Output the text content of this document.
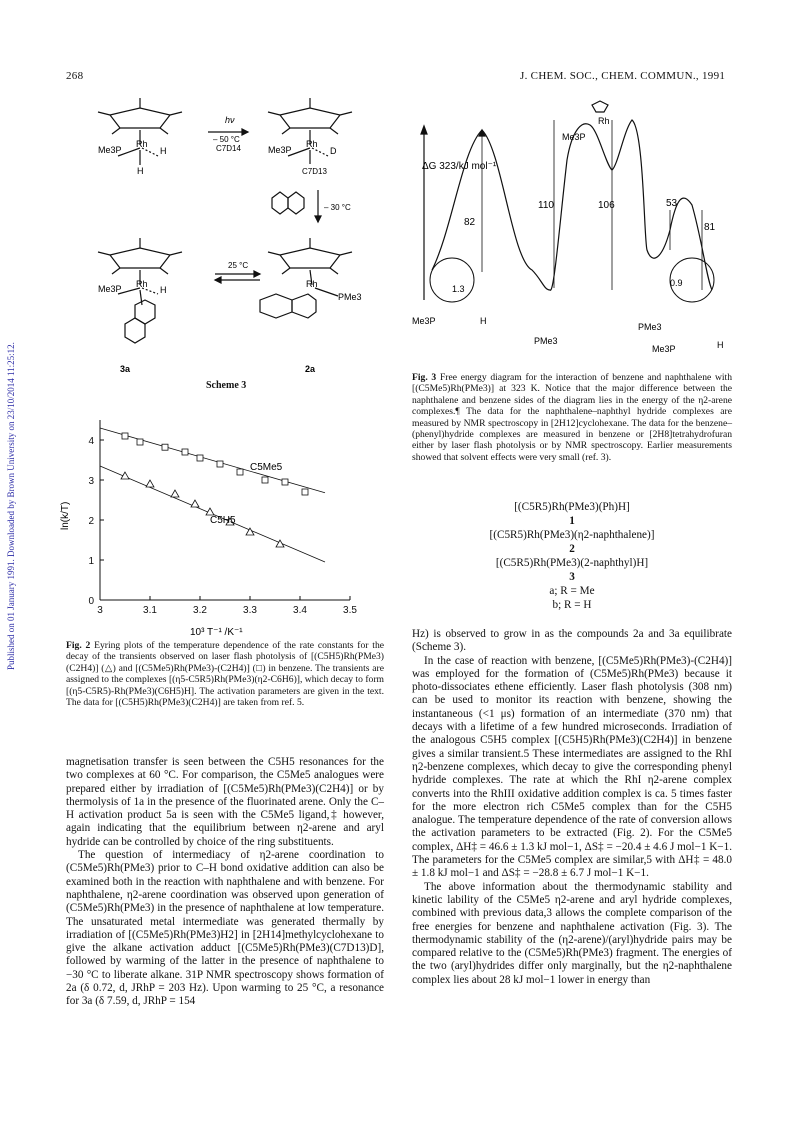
268	J. CHEM. SOC., CHEM. COMMUN., 1991
Published on 01 January 1991. Downloaded by Brown University on 23/10/2014 11:25:12.
Me3P
Rh
H
H
hν
– 50 °C
C7D14	Me3P
Rh
D
C7D13
– 30 °C
25 °C
Me3P Rh
H
Rh
PMe3
3a	2a
Scheme 3
3	3.1	3.2	3.3	3.4	3.5
0
1
2
3
4
ln(k/T)
10³ T⁻¹ /K⁻¹
C5Me5
C5H5
Fig. 2 Eyring plots of the temperature dependence of the rate constants for the decay of the transients observed on laser flash photolysis of [(C5H5)Rh(PMe3)(C2H4)] (△) and [(C5Me5)Rh(PMe3)-(C2H4)] (□) in benzene. The transients are assigned to the complexes [(η5-C5R5)Rh(PMe3)(η2-C6H6)], which decay to form [(η5-C5R5)-Rh(PMe3)(C6H5)H]. The activation parameters are given in the text. The data for [(C5H5)Rh(PMe3)(C2H4)] are taken from ref. 5.

magnetisation transfer is seen between the C5H5 resonances for the two complexes at 60 °C. For comparison, the C5Me5 analogues were prepared either by irradiation of [(C5Me5)Rh(PMe3)(C2H4)] or by thermolysis of 1a in the presence of the fluorinated arene. Only the C–H activation product 5a is seen with the C5Me5 ligand,‡ however, again indicating that the equilibrium between η2-arene and aryl hydride can be controlled by choice of the ring substituents.

The question of intermediacy of η2-arene coordination to (C5Me5)Rh(PMe3) prior to C–H bond oxidative addition can also be examined both in the reaction with naphthalene and with benzene. For naphthalene, η2-arene coordination was observed upon generation of (C5Me5)Rh(PMe3) in the presence of naphthalene at low temperature. The unsaturated metal intermediate was generated thermally by irradiation of [(C5Me5)Rh(PMe3)H2] in [2H14]methylcyclohexane to give the alkane activation adduct [(C5Me5)Rh(PMe3)(C7D13)D], followed by warming of the latter in the presence of naphthalene to −30 °C to liberate alkane. 31P NMR spectroscopy shows formation of 2a (δ 0.72, d, JRhP = 203 Hz). Upon warming to 25 °C, a resonance for 3a (δ 7.59, d, JRhP = 154

ΔG 323/kJ mol⁻¹
82
110	106	53
81
1.3
0.9
Me3P
Rh
Me3P	H
PMe3
PMe3
Me3P	H
Fig. 3 Free energy diagram for the interaction of benzene and naphthalene with [(C5Me5)Rh(PMe3)] at 323 K. Notice that the major difference between the naphthalene and benzene sides of the diagram lies in the energy of the η2-arene complexes.¶ The data for the naphthalene–naphthyl hydride complexes are measured by NMR spectroscopy in [2H12]cyclohexane. The data for the benzene–(phenyl)hydride complexes are measured in benzene or [2H8]tetrahydrofuran either by laser flash photolysis or by NMR spectroscopy. Earlier measurements showed that solvent effects were very small (ref. 3).
[(C5R5)Rh(PMe3)(Ph)H]
1
[(C5R5)Rh(PMe3)(η2-naphthalene)]
2
[(C5R5)Rh(PMe3)(2-naphthyl)H]
3
a; R = Me
b; R = H

Hz) is observed to grow in as the compounds 2a and 3a equilibrate (Scheme 3).

In the case of reaction with benzene, [(C5Me5)Rh(PMe3)-(C2H4)] was employed for the formation of (C5Me5)Rh(PMe3) because it photo-dissociates ethene efficiently. Laser flash photolysis (308 nm) can be used to monitor its reaction with benzene, showing the instantaneous (<1 μs) formation of an intermediate (370 nm) that decays with a lifetime of a few hundred microseconds. Irradiation of the analogous C5H5 complex [(C5H5)Rh(PMe3)(C2H4)] in benzene gives a similar transient.5 These intermediates are assigned to the RhI η2-benzene complexes, which decay to give the corresponding phenyl hydride complexes. The rate at which the RhI η2-arene complex converts into the RhIII oxidative addition complex is ca. 5 times faster for the more electron rich C5Me5 complex than for the C5H5 analogue. The temperature dependence of the rate of conversion allows the activation parameters to be extracted (Fig. 2). For the C5Me5 complex, ΔH‡ = 46.6 ± 1.3 kJ mol−1, ΔS‡ = −20.4 ± 4.6 J mol−1 K−1. The parameters for the C5Me5 complex are similar,5 with ΔH‡ = 48.0 ± 1.8 kJ mol−1 and ΔS‡ = −28.8 ± 6.7 J mol−1 K−1.

The above information about the thermodynamic stability and kinetic lability of the C5Me5 η2-arene and aryl hydride complexes, combined with previous data,3 allows the complete comparison of the free energies for benzene and naphthalene activation (Fig. 3). The thermodynamic stability of the (η2-arene)/(aryl)hydride pairs may be compared relative to the (C5Me5)Rh(PMe3) fragment. The energies of the two (aryl)hydrides differ only marginally, but the η2-naphthalene complex lies about 28 kJ mol−1 lower in energy than
